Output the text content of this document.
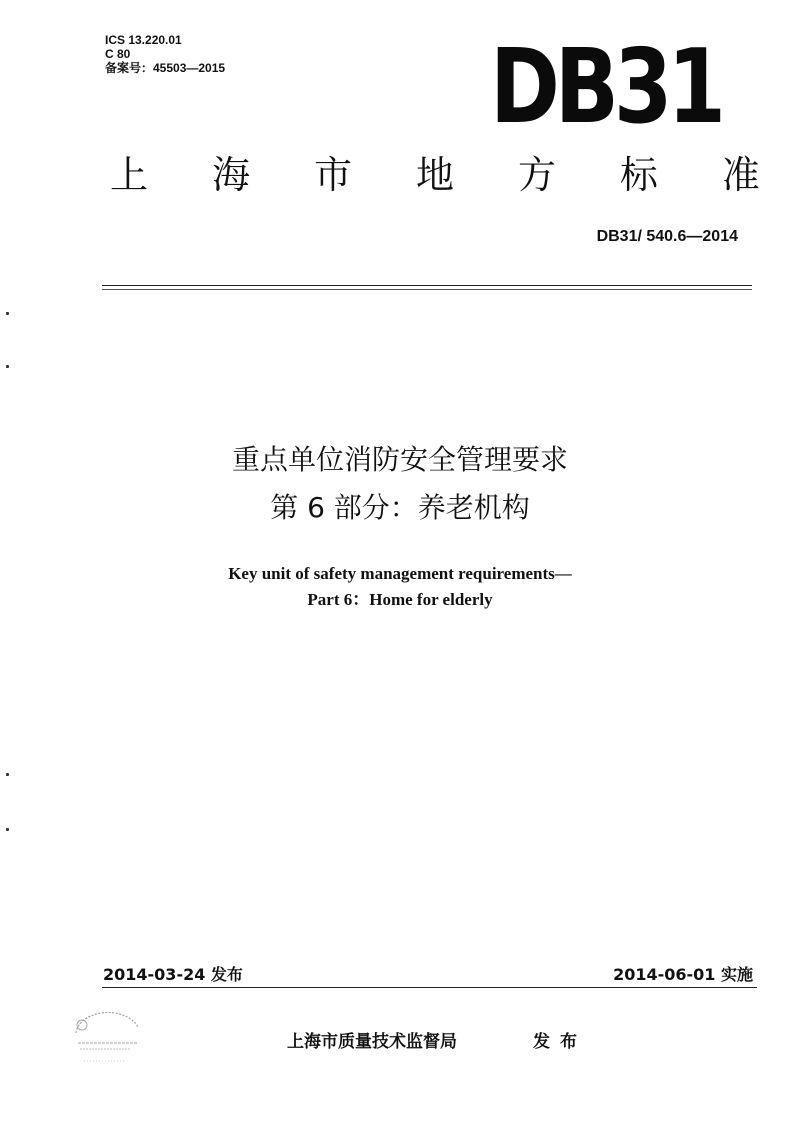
ICS 13.220.01
C 80
备案号：45503—2015	DB31
上 海 市 地 方 标 准
DB31/ 540.6—2014
重点单位消防安全管理要求
第 6 部分：养老机构
Key unit of safety management requirements—
Part 6：Home for elderly
2014-03-24 发布	2014-06-01 实施
上海市质量技术监督局	发布
